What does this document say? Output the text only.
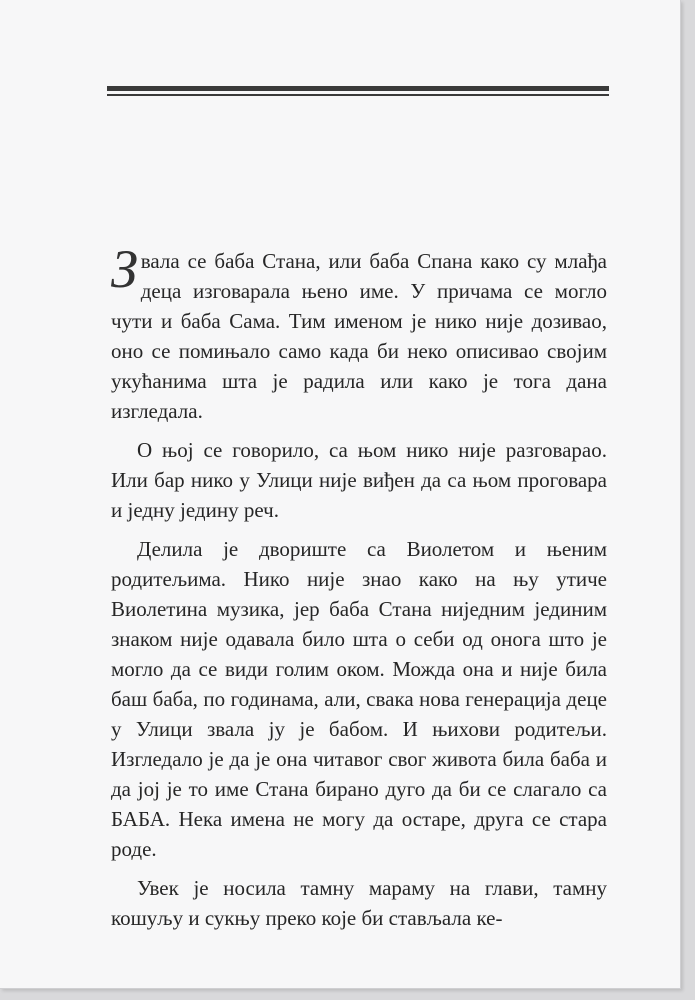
Звала се баба Стана, или баба Спана како су млађа деца изговарала њено име. У причама се могло чути и баба Сама. Тим именом је нико није дозивао, оно се помињало само када би неко описивао својим укућанима шта је радила или како је тога дана изгледала.

О њој се говорило, са њом нико није разговарао. Или бар нико у Улици није виђен да са њом проговара и једну једину реч.

Делила је двориште са Виолетом и њеним родитељима. Нико није знао како на њу утиче Виолетина музика, јер баба Стана ниједним јединим знаком није одавала било шта о себи од онога што је могло да се види голим оком. Можда она и није била баш баба, по годинама, али, свака нова генерација деце у Улици звала ју је бабом. И њихови родитељи. Изгледало је да је она читавог свог живота била баба и да јој је то име Стана бирано дуго да би се слагало са БАБА. Нека имена не могу да остаре, друга се стара роде.

Увек је носила тамну мараму на глави, тамну кошуљу и сукњу преко које би стављала ке-
